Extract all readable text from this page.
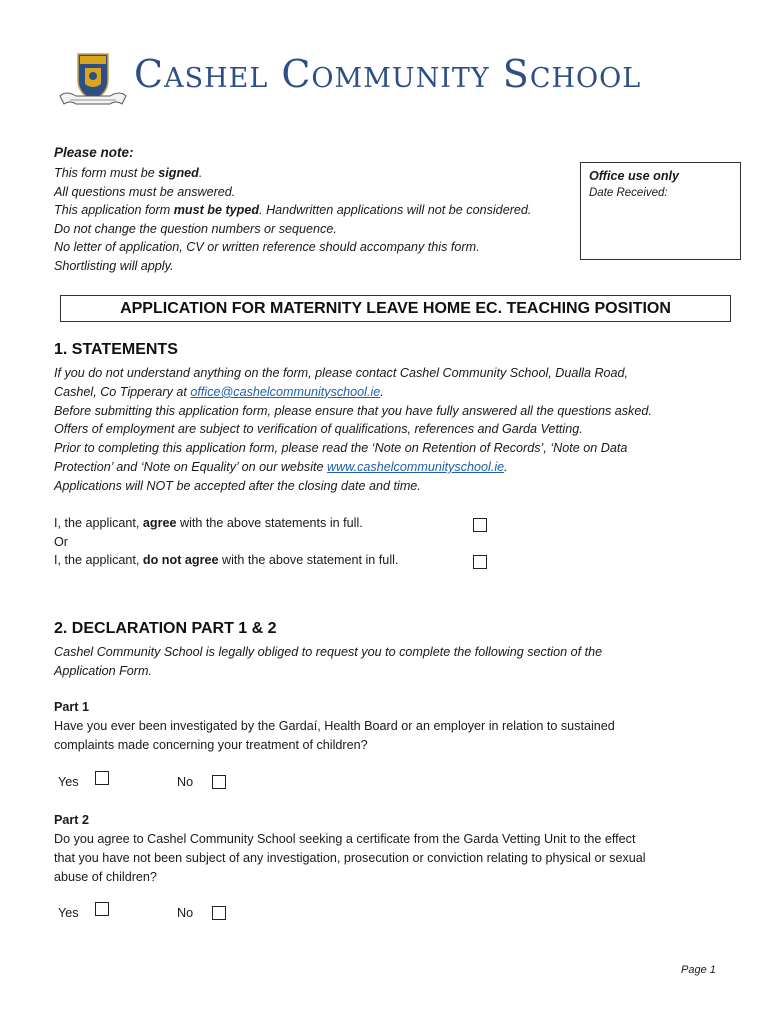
Cashel Community School
Please note:
This form must be signed.
All questions must be answered.
This application form must be typed. Handwritten applications will not be considered.
Do not change the question numbers or sequence.
No letter of application, CV or written reference should accompany this form.
Shortlisting will apply.
Office use only
Date Received:
APPLICATION FOR MATERNITY LEAVE HOME EC. TEACHING POSITION
1. STATEMENTS
If you do not understand anything on the form, please contact Cashel Community School, Dualla Road,
Cashel, Co Tipperary at office@cashelcommunityschool.ie.
Before submitting this application form, please ensure that you have fully answered all the questions asked.
Offers of employment are subject to verification of qualifications, references and Garda Vetting.
Prior to completing this application form, please read the ‘Note on Retention of Records’, ‘Note on Data
Protection’ and ‘Note on Equality’ on our website www.cashelcommunityschool.ie.
Applications will NOT be accepted after the closing date and time.
I, the applicant, agree with the above statements in full.
Or
I, the applicant, do not agree with the above statement in full.
2. DECLARATION PART 1 & 2
Cashel Community School is legally obliged to request you to complete the following section of the
Application Form.
Part 1
Have you ever been investigated by the Gardaí, Health Board or an employer in relation to sustained
complaints made concerning your treatment of children?
Yes	No
Part 2
Do you agree to Cashel Community School seeking a certificate from the Garda Vetting Unit to the effect
that you have not been subject of any investigation, prosecution or conviction relating to physical or sexual
abuse of children?
Yes	No
Page 1
